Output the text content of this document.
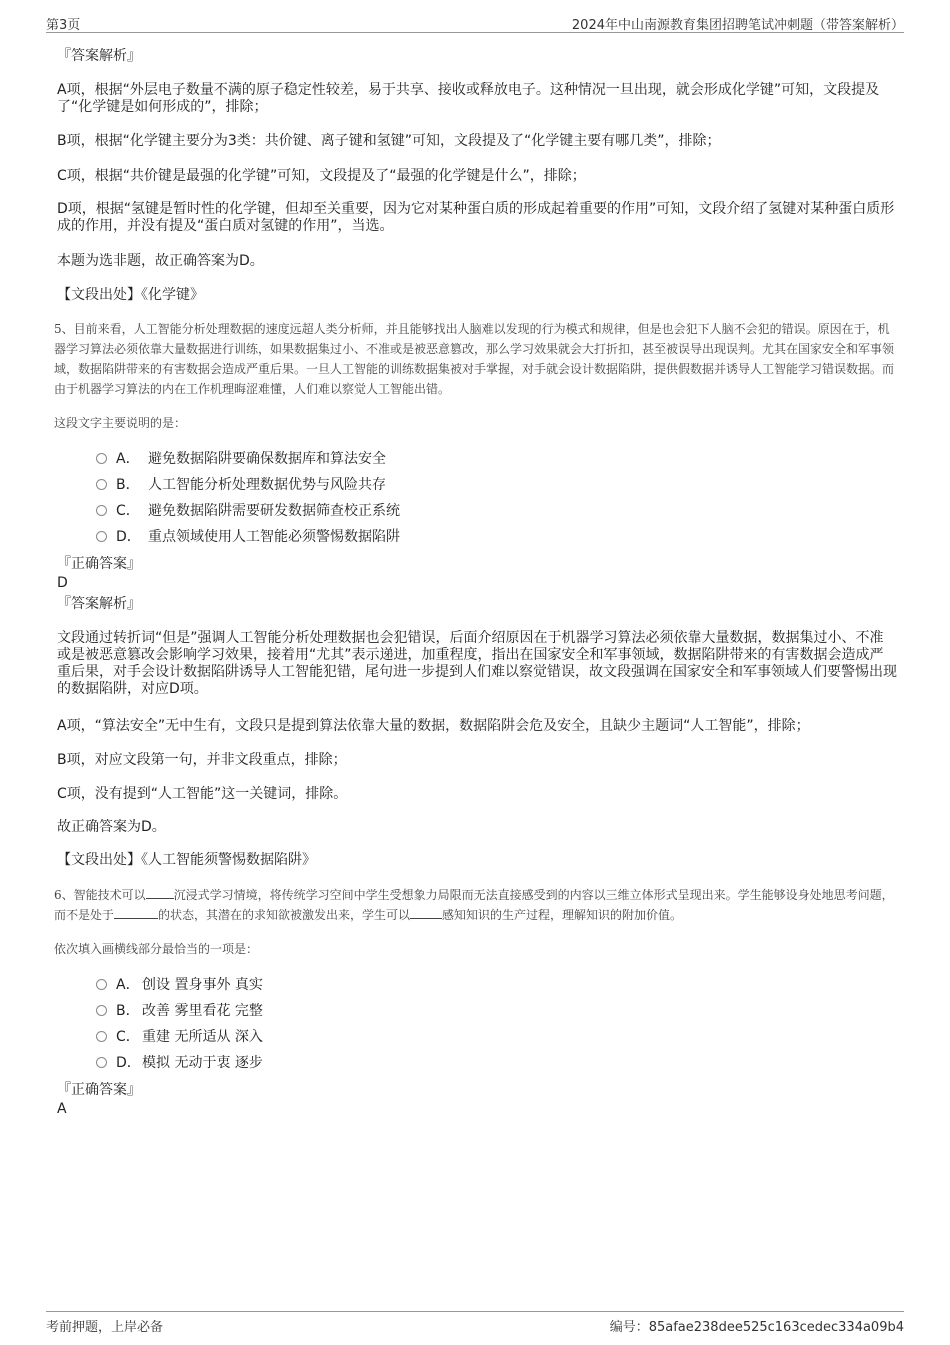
第3页	2024年中山南源教育集团招聘笔试冲刺题（带答案解析）
『答案解析』
A项，根据“外层电子数量不满的原子稳定性较差，易于共享、接收或释放电子。这种情况一旦出现，就会形成化学键”可知，文段提及了“化学键是如何形成的”，排除；
B项，根据“化学键主要分为3类：共价键、离子键和氢键”可知，文段提及了“化学键主要有哪几类”，排除；
C项，根据“共价键是最强的化学键”可知，文段提及了“最强的化学键是什么”，排除；
D项，根据“氢键是暂时性的化学键，但却至关重要，因为它对某种蛋白质的形成起着重要的作用”可知，文段介绍了氢键对某种蛋白质形成的作用，并没有提及“蛋白质对氢键的作用”，当选。
本题为选非题，故正确答案为D。
【文段出处】《化学键》
5、目前来看，人工智能分析处理数据的速度远超人类分析师，并且能够找出人脑难以发现的行为模式和规律，但是也会犯下人脑不会犯的错误。原因在于，机器学习算法必须依靠大量数据进行训练，如果数据集过小、不准或是被恶意篡改，那么学习效果就会大打折扣，甚至被误导出现误判。尤其在国家安全和军事领域，数据陷阱带来的有害数据会造成严重后果。一旦人工智能的训练数据集被对手掌握，对手就会设计数据陷阱，提供假数据并诱导人工智能学习错误数据。而由于机器学习算法的内在工作机理晦涩难懂，人们难以察觉人工智能出错。
这段文字主要说明的是：
A． 避免数据陷阱要确保数据库和算法安全
B． 人工智能分析处理数据优势与风险共存
C． 避免数据陷阱需要研发数据筛查校正系统
D． 重点领域使用人工智能必须警惕数据陷阱
『正确答案』
D
『答案解析』
文段通过转折词“但是”强调人工智能分析处理数据也会犯错误，后面介绍原因在于机器学习算法必须依靠大量数据，数据集过小、不准或是被恶意篡改会影响学习效果，接着用“尤其”表示递进，加重程度，指出在国家安全和军事领域，数据陷阱带来的有害数据会造成严重后果，对手会设计数据陷阱诱导人工智能犯错，尾句进一步提到人们难以察觉错误，故文段强调在国家安全和军事领域人们要警惕出现的数据陷阱，对应D项。
A项，“算法安全”无中生有，文段只是提到算法依靠大量的数据，数据陷阱会危及安全，且缺少主题词“人工智能”，排除；
B项，对应文段第一句，并非文段重点，排除；
C项，没有提到“人工智能”这一关键词，排除。
故正确答案为D。
【文段出处】《人工智能须警惕数据陷阱》
6、智能技术可以 沉浸式学习情境，将传统学习空间中学生受想象力局限而无法直接感受到的内容以三维立体形式呈现出来。学生能够设身处地思考问题，而不是处于	的状态，其潜在的求知欲被激发出来，学生可以	感知知识的生产过程，理解知识的附加价值。
依次填入画横线部分最恰当的一项是：
A． 创设 置身事外 真实
B． 改善 雾里看花 完整
C． 重建 无所适从 深入
D．模拟 无动于衷 逐步
『正确答案』
A
考前押题，上岸必备	编号：85afae238dee525c163cedec334a09b4
